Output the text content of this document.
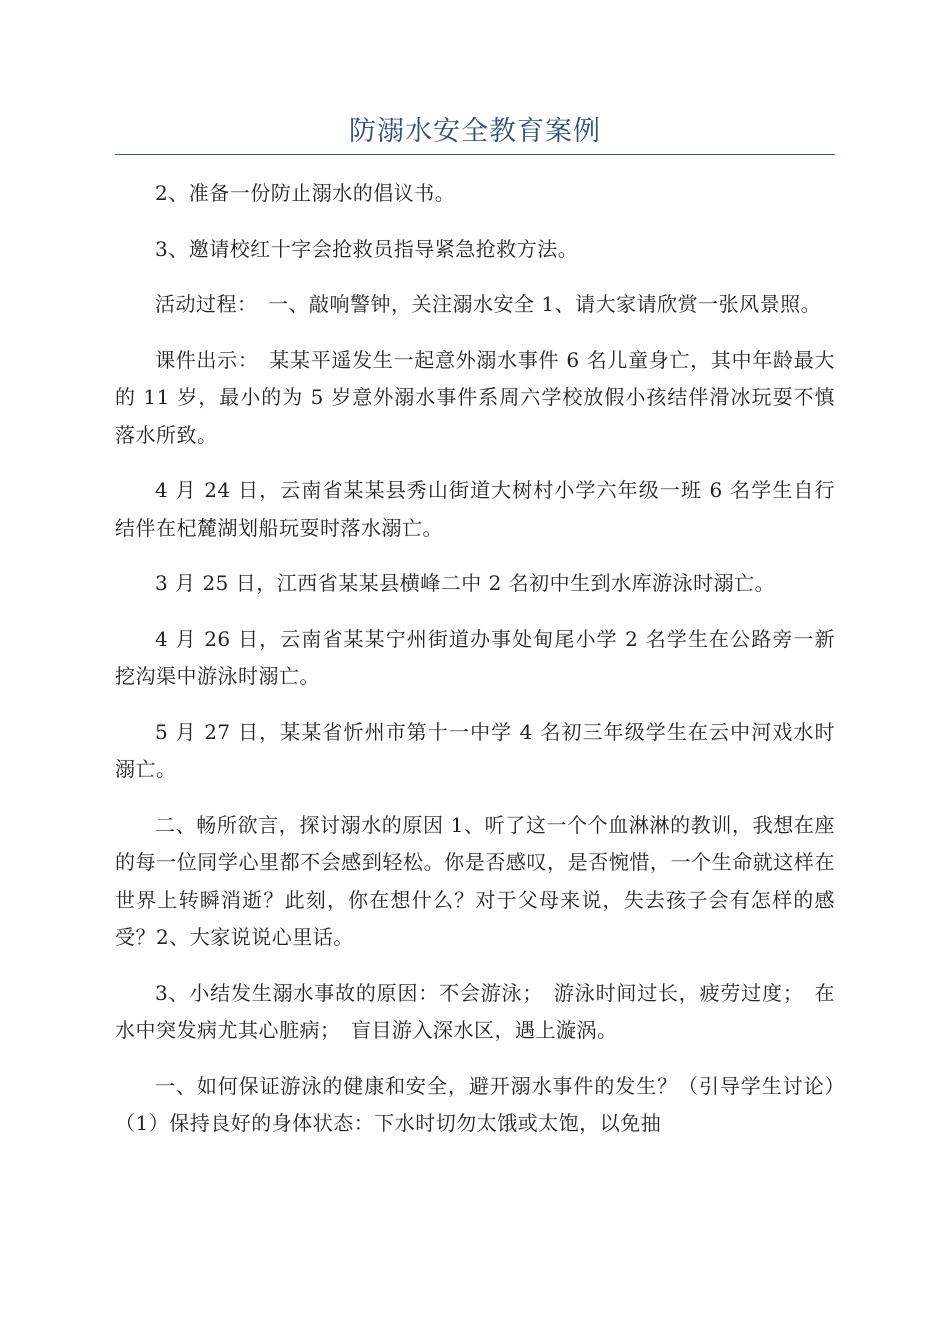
防溺水安全教育案例

2、准备一份防止溺水的倡议书。

3、邀请校红十字会抢救员指导紧急抢救方法。

活动过程：　一、敲响警钟，关注溺水安全 1、请大家请欣赏一张风景照。

课件出示：　某某平遥发生一起意外溺水事件 6 名儿童身亡，其中年龄最大的 11 岁，最小的为 5 岁意外溺水事件系周六学校放假小孩结伴滑冰玩耍不慎落水所致。

4 月 24 日，云南省某某县秀山街道大树村小学六年级一班 6 名学生自行结伴在杞麓湖划船玩耍时落水溺亡。

3 月 25 日，江西省某某县横峰二中 2 名初中生到水库游泳时溺亡。

4 月 26 日，云南省某某宁州街道办事处甸尾小学 2 名学生在公路旁一新挖沟渠中游泳时溺亡。

5 月 27 日，某某省忻州市第十一中学 4 名初三年级学生在云中河戏水时溺亡。

二、畅所欲言，探讨溺水的原因 1、听了这一个个血淋淋的教训，我想在座的每一位同学心里都不会感到轻松。你是否感叹，是否惋惜，一个生命就这样在世界上转瞬消逝？此刻，你在想什么？对于父母来说，失去孩子会有怎样的感受？2、大家说说心里话。

3、小结发生溺水事故的原因：不会游泳；　游泳时间过长，疲劳过度；　在水中突发病尤其心脏病；　盲目游入深水区，遇上漩涡。

一、如何保证游泳的健康和安全，避开溺水事件的发生？（引导学生讨论）　（1）保持良好的身体状态：下水时切勿太饿或太饱，以免抽
